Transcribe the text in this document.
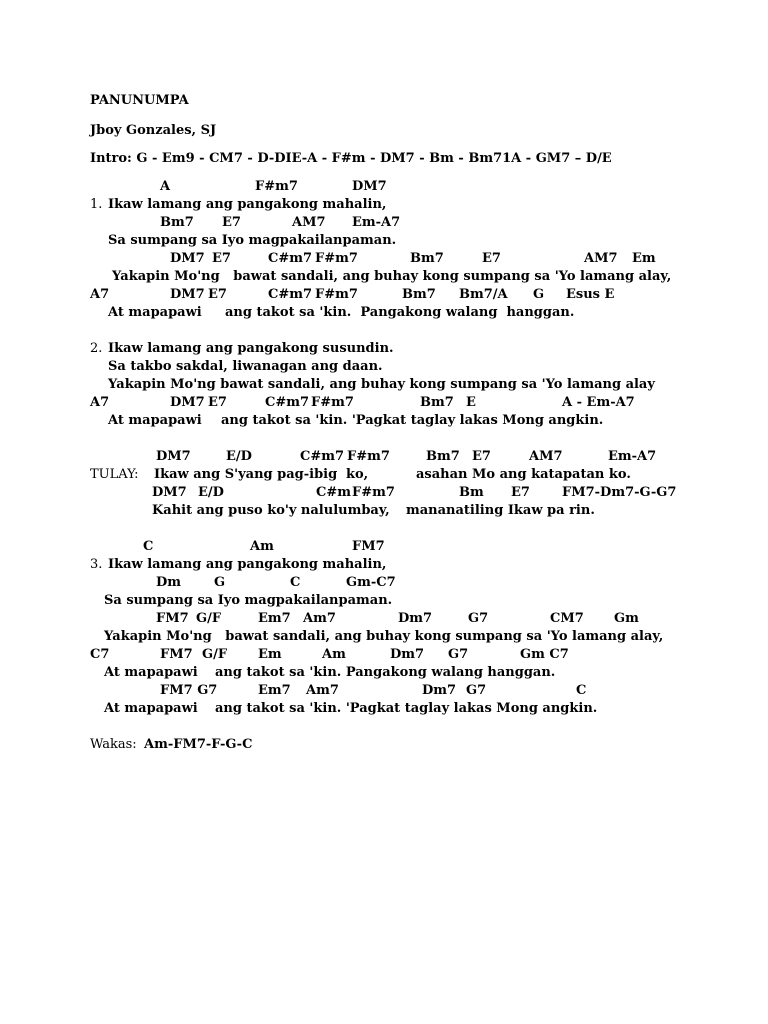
PANUNUMPA
Jboy Gonzales, SJ
Intro: G - Em9 - CM7 - D-DIE-A - F#m - DM7 - Bm - Bm71A - GM7 – D/E
A	F#m7	DM7
1. Ikaw lamang ang pangakong mahalin,
Bm7 E7	AM7 Em-A7
Sa sumpang sa Iyo magpakailanpaman.
DM7 E7	C#m7 F#m7	Bm7	E7	AM7 Em
Yakapin Mo'ng   bawat sandali, ang buhay kong sumpang sa 'Yo lamang alay,
A7	DM7 E7	C#m7 F#m7	Bm7 Bm7/A G Esus E
At mapapawi ang takot sa 'kin.  Pangakong walang  hanggan.
2. Ikaw lamang ang pangakong susundin.
Sa takbo sakdal, liwanagan ang daan.
Yakapin Mo'ng bawat sandali, ang buhay kong sumpang sa 'Yo lamang alay
A7	DM7 E7	C#m7 F#m7	Bm7 E	A - Em-A7
At mapapawi ang takot sa 'kin. 'Pagkat taglay lakas Mong angkin.
DM7	E/D	C#m7 F#m7	Bm7 E7	AM7	Em-A7
TULAY: Ikaw ang S'yang pag-ibig ko,	asahan Mo ang katapatan ko.
DM7 E/D	C#m F#m7	Bm E7 FM7-Dm7-G-G7
Kahit ang puso ko'y nalulumbay, mananatiling Ikaw pa rin.
C	Am	FM7
3. Ikaw lamang ang pangakong mahalin,
Dm	G	C	Gm-C7
Sa sumpang sa Iyo magpakailanpaman.
FM7 G/F	Em7 Am7	Dm7	G7	CM7 Gm
Yakapin Mo'ng   bawat sandali, ang buhay kong sumpang sa 'Yo lamang alay,
C7	FM7 G/F Em	Am	Dm7 G7	Gm C7
At mapapawi ang takot sa 'kin. Pangakong walang hanggan.
FM7 G7	Em7 Am7	Dm7 G7	C
At mapapawi ang takot sa 'kin. 'Pagkat taglay lakas Mong angkin.
Wakas: Am-FM7-F-G-C
